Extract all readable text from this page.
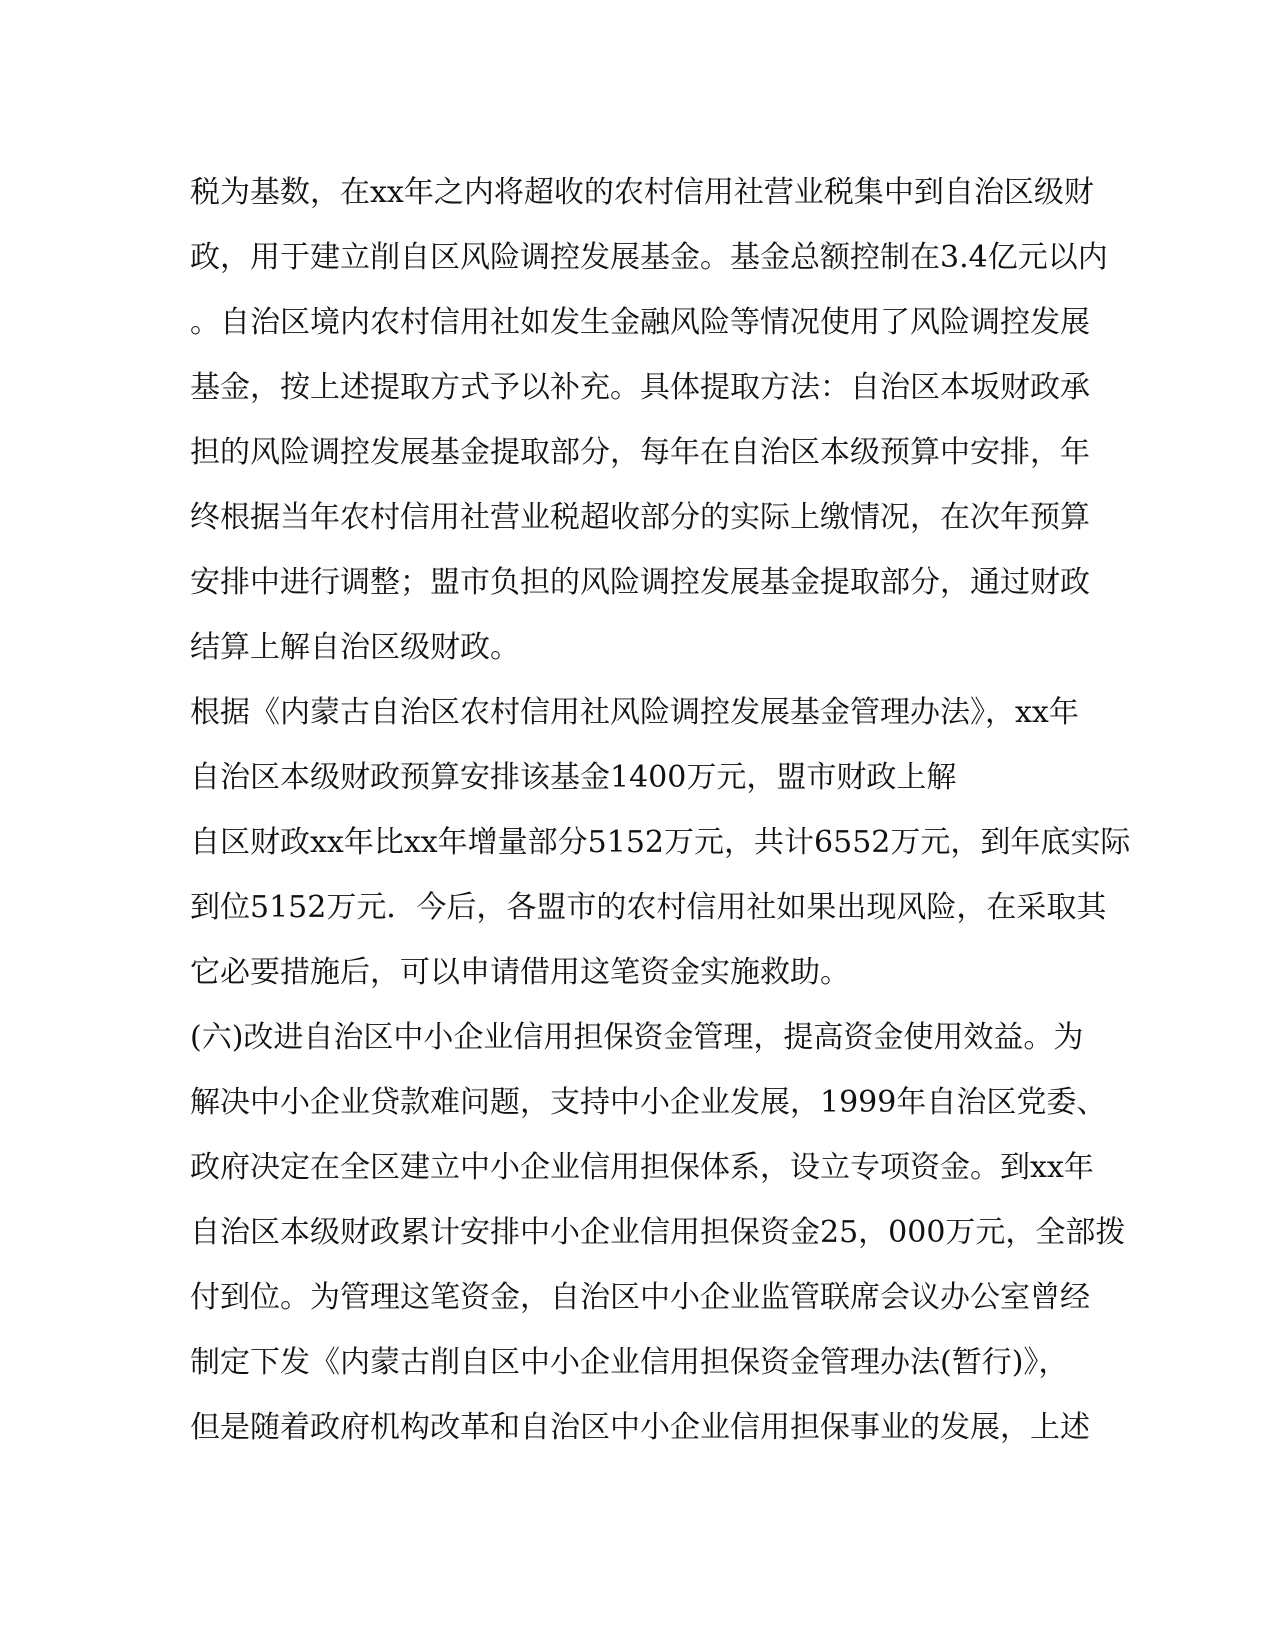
税为基数，在xx年之内将超收的农村信用社营业税集中到自治区级财
政，用于建立削自区风险调控发展基金。基金总额控制在3.4亿元以内
。自治区境内农村信用社如发生金融风险等情况使用了风险调控发展
基金，按上述提取方式予以补充。具体提取方法：自治区本坂财政承
担的风险调控发展基金提取部分，每年在自治区本级预算中安排，年
终根据当年农村信用社营业税超收部分的实际上缴情况，在次年预算
安排中进行调整；盟市负担的风险调控发展基金提取部分，通过财政
结算上解自治区级财政。
根据《内蒙古自治区农村信用社风险调控发展基金管理办法》，xx年
自治区本级财政预算安排该基金1400万元，盟市财政上解
自区财政xx年比xx年增量部分5152万元，共计6552万元，到年底实际
到位5152万元．今后，各盟市的农村信用社如果出现风险，在采取其
它必要措施后，可以申请借用这笔资金实施救助。
(六)改进自治区中小企业信用担保资金管理，提高资金使用效益。为
解决中小企业贷款难问题，支持中小企业发展，1999年自治区党委、
政府决定在全区建立中小企业信用担保体系，设立专项资金。到xx年
自治区本级财政累计安排中小企业信用担保资金25，000万元，全部拨
付到位。为管理这笔资金，自治区中小企业监管联席会议办公室曾经
制定下发《内蒙古削自区中小企业信用担保资金管理办法(暂行)》，
但是随着政府机构改革和自治区中小企业信用担保事业的发展，上述
